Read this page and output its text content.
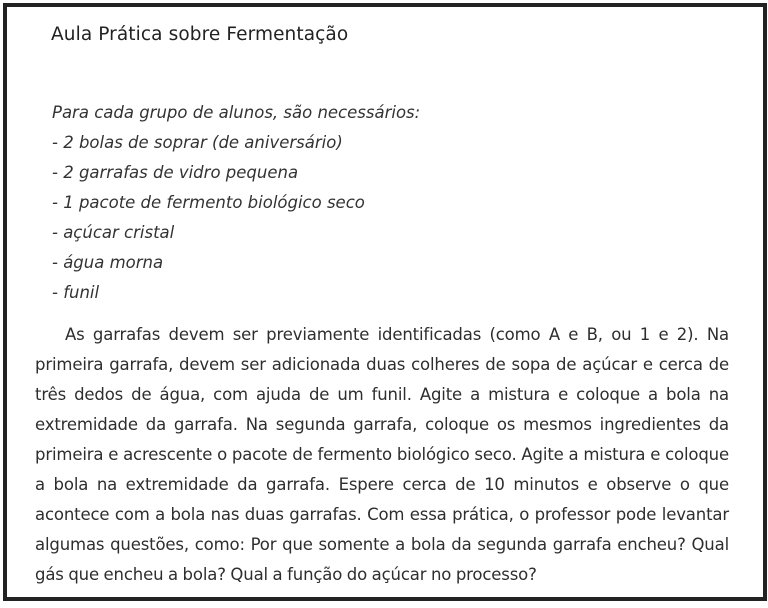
Aula Prática sobre Fermentação
Para cada grupo de alunos, são necessários:
- 2 bolas de soprar (de aniversário)
- 2 garrafas de vidro pequena
- 1 pacote de fermento biológico seco
- açúcar cristal
- água morna
- funil

As garrafas devem ser previamente identificadas (como A e B, ou 1 e 2). Na primeira garrafa, devem ser adicionada duas colheres de sopa de açúcar e cerca de três dedos de água, com ajuda de um funil. Agite a mistura e coloque a bola na extremidade da garrafa. Na segunda garrafa, coloque os mesmos ingredientes da primeira e acrescente o pacote de fermento biológico seco. Agite a mistura e coloque a bola na extremidade da garrafa. Espere cerca de 10 minutos e observe o que acontece com a bola nas duas garrafas. Com essa prática, o professor pode levantar algumas questões, como: Por que somente a bola da segunda garrafa encheu? Qual gás que encheu a bola? Qual a função do açúcar no processo?
